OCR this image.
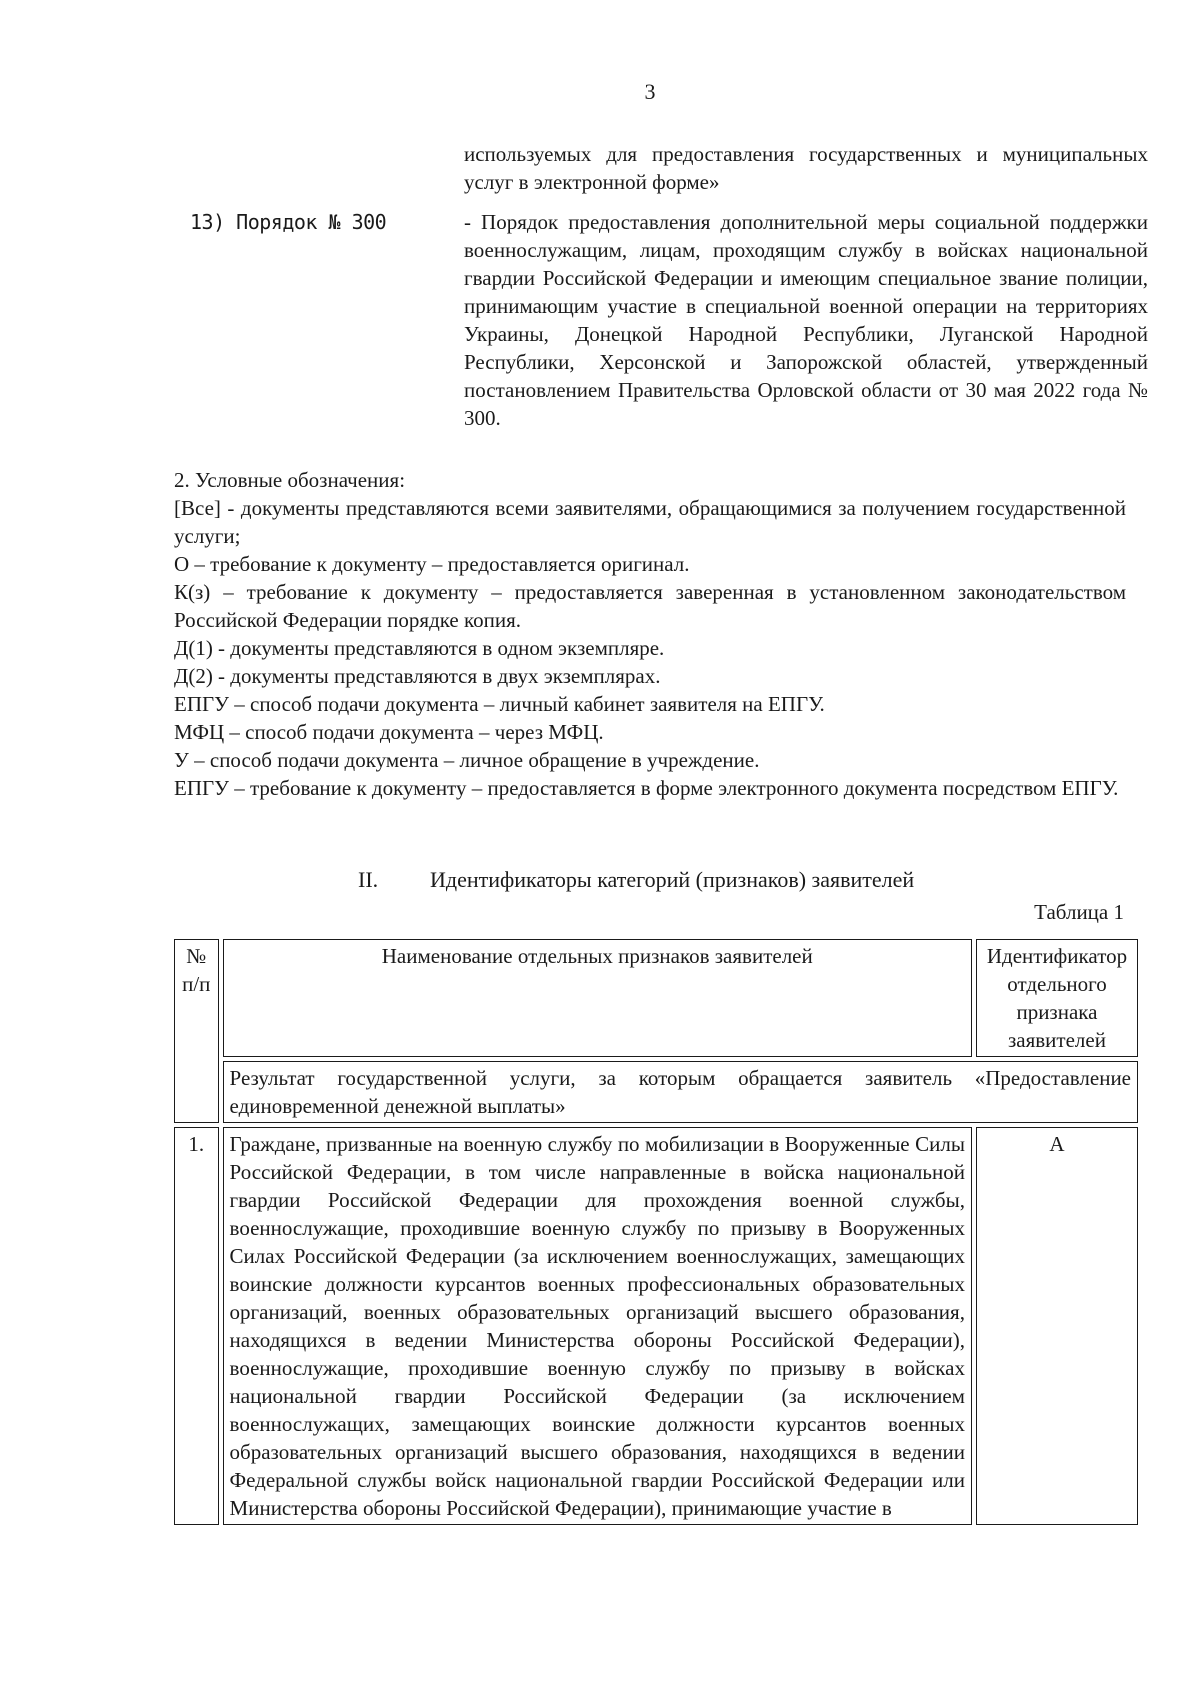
3
используемых для предоставления государственных и муниципальных услуг в электронной форме»
13) Порядок № 300	- Порядок предоставления дополнительной меры социальной поддержки военнослужащим, лицам, проходящим службу в войсках национальной гвардии Российской Федерации и имеющим специальное звание полиции, принимающим участие в специальной военной операции на территориях Украины, Донецкой Народной Республики, Луганской Народной Республики, Херсонской и Запорожской областей, утвержденный постановлением Правительства Орловской области от 30 мая 2022 года № 300.

2. Условные обозначения:

[Все] - документы представляются всеми заявителями, обращающимися за получением государственной услуги;

О – требование к документу – предоставляется оригинал.

К(з) – требование к документу – предоставляется заверенная в установленном законодательством Российской Федерации порядке копия.

Д(1) - документы представляются в одном экземпляре.

Д(2) - документы представляются в двух экземплярах.

ЕПГУ – способ подачи документа – личный кабинет заявителя на ЕПГУ.

МФЦ – способ подачи документа – через МФЦ.

У – способ подачи документа – личное обращение в учреждение.

ЕПГУ – требование к документу – предоставляется в форме электронного документа посредством ЕПГУ.

II. Идентификаторы категорий (признаков) заявителей
Таблица 1
№ п/п	Наименование отдельных признаков заявителей	Идентификатор отдельного признака заявителей
	Результат государственной услуги, за которым обращается заявитель «Предоставление единовременной денежной выплаты»	
1.	Граждане, призванные на военную службу по мобилизации в Вооруженные Силы Российской Федерации, в том числе направленные в войска национальной гвардии Российской Федерации для прохождения военной службы, военнослужащие, проходившие военную службу по призыву в Вооруженных Силах Российской Федерации (за исключением военнослужащих, замещающих воинские должности курсантов военных профессиональных образовательных организаций, военных образовательных организаций высшего образования, находящихся в ведении Министерства обороны Российской Федерации), военнослужащие, проходившие военную службу по призыву в войсках национальной гвардии Российской Федерации (за исключением военнослужащих, замещающих воинские должности курсантов военных образовательных организаций высшего образования, находящихся в ведении Федеральной службы войск национальной гвардии Российской Федерации или Министерства обороны Российской Федерации), принимающие участие в	А
